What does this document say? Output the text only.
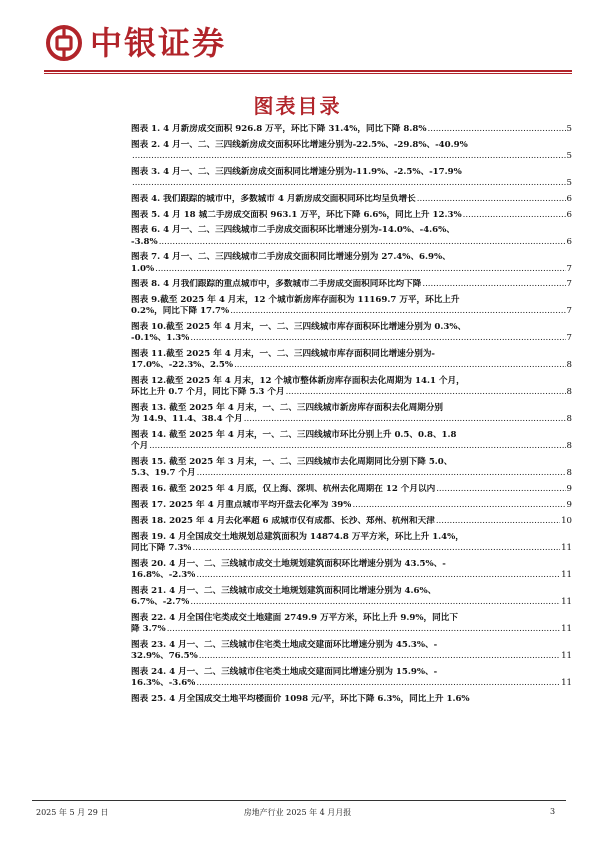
中银证券
图表目录
图表 1. 4 月新房成交面积 926.8 万平，环比下降 31.4%，同比下降 8.8% .....	5
图表 2. 4 月一、二、三四线新房成交面积环比增速分别为-22.5%、-29.8%、-40.9%
.....
5
图表 3. 4 月一、二、三四线新房成交面积同比增速分别为-11.9%、-2.5%、-17.9%
.....
5
图表 4. 我们跟踪的城市中，多数城市 4 月新房成交面积同环比均呈负增长 .....	6
图表 5. 4 月 18 城二手房成交面积 963.1 万平，环比下降 6.6%，同比上升 12.3% .....	6
图表 6. 4 月一、二、三四线城市二手房成交面积环比增速分别为-14.0%、-4.6%、
-3.8% .....	6
图表 7. 4 月一、二、三四线城市二手房成交面积同比增速分别为 27.4%、6.9%、
1.0% .....	7
图表 8. 4 月我们跟踪的重点城市中，多数城市二手房成交面积同环比均下降 .....	7
图表 9.截至 2025 年 4 月末，12 个城市新房库存面积为 11169.7 万平，环比上升
0.2%，同比下降 17.7% .....	7
图表 10.截至 2025 年 4 月末，一、二、三四线城市库存面积环比增速分别为 0.3%、
-0.1%、1.3% .....	7
图表 11.截至 2025 年 4 月末，一、二、三四线城市库存面积同比增速分别为-
17.0%、-22.3%、2.5% .....	8
图表 12.截至 2025 年 4 月末，12 个城市整体新房库存面积去化周期为 14.1 个月，
环比上升 0.7 个月，同比下降 5.3 个月 .....	8
图表 13. 截至 2025 年 4 月末，一、二、三四线城市新房库存面积去化周期分别
为 14.9、11.4、38.4 个月 .....	8
图表 14. 截至 2025 年 4 月末，一、二、三四线城市环比分别上升 0.5、0.8、1.8
个月 .....	8
图表 15. 截至 2025 年 3 月末，一、二、三四线城市去化周期同比分别下降 5.0、
5.3、19.7 个月 .....	8
图表 16. 截至 2025 年 4 月底，仅上海、深圳、杭州去化周期在 12 个月以内 .....	9
图表 17. 2025 年 4 月重点城市平均开盘去化率为 39% .....	9
图表 18. 2025 年 4 月去化率超 6 成城市仅有成都、长沙、郑州、杭州和天津 .....	10
图表 19. 4 月全国成交土地规划总建筑面积为 14874.8 万平方米，环比上升 1.4%，
同比下降 7.3% .....	11
图表 20. 4 月一、二、三线城市成交土地规划建筑面积环比增速分别为 43.5%、-
16.8%、-2.3% .....	11
图表 21. 4 月一、二、三线城市成交土地规划建筑面积同比增速分别为 4.6%、
6.7%、-2.7% .....	11
图表 22. 4 月全国住宅类成交土地建面 2749.9 万平方米，环比上升 9.9%，同比下
降 3.7% .....	11
图表 23. 4 月一、二、三线城市住宅类土地成交建面环比增速分别为 45.3%、-
32.9%、76.5% .....	11
图表 24. 4 月一、二、三线城市住宅类土地成交建面同比增速分别为 15.9%、-
16.3%、-3.6% .....	11
图表 25. 4 月全国成交土地平均楼面价 1098 元/平，环比下降 6.3%，同比上升 1.6%
2025 年 5 月 29 日	房地产行业 2025 年 4 月月报	3
